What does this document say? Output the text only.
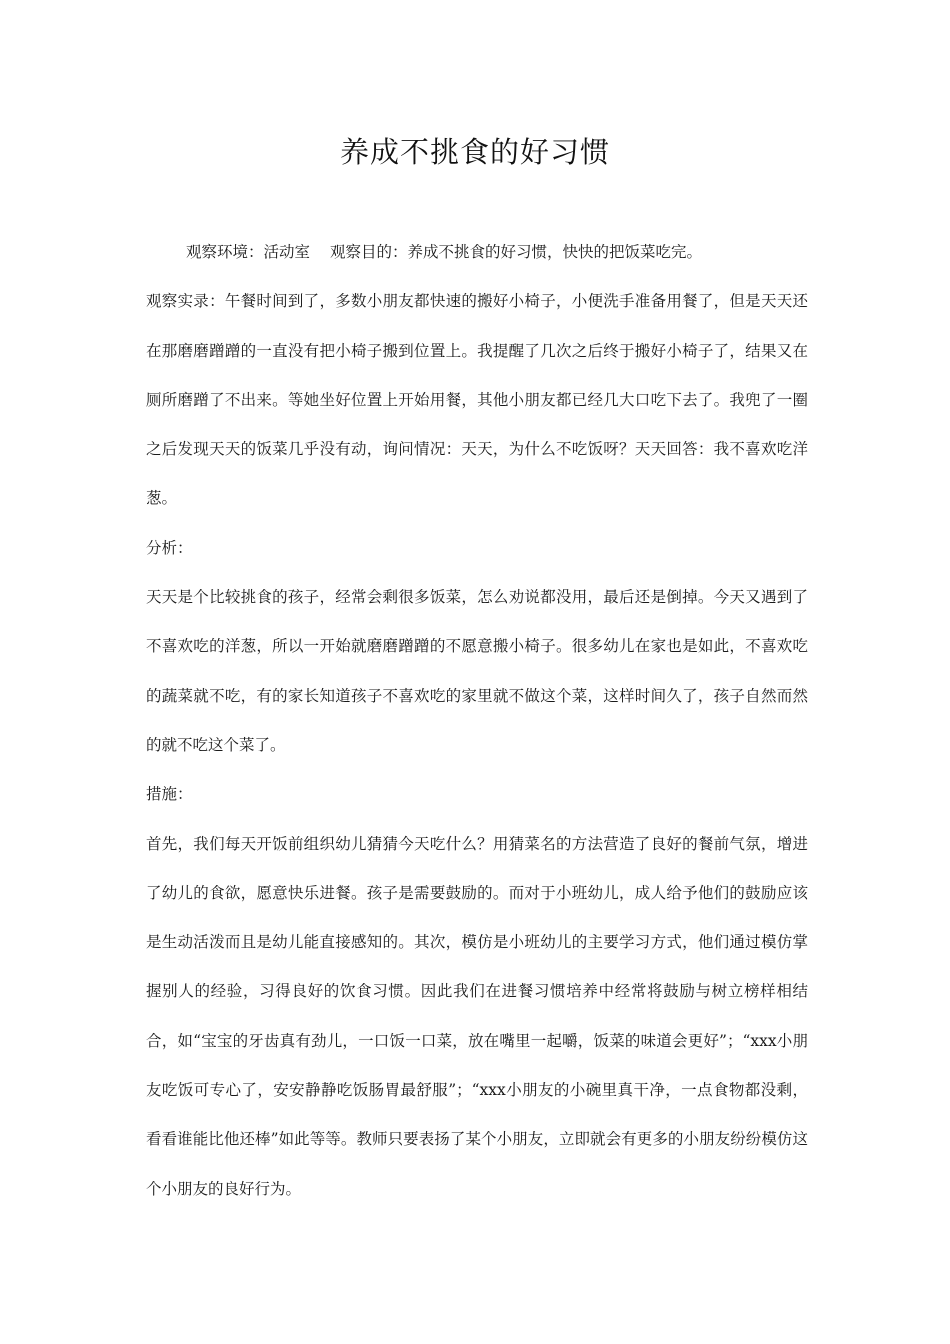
养成不挑食的好习惯

观察环境：活动室 观察目的：养成不挑食的好习惯，快快的把饭菜吃完。

观察实录：午餐时间到了，多数小朋友都快速的搬好小椅子，小便洗手准备用餐了，但是天天还在那磨磨蹭蹭的一直没有把小椅子搬到位置上。我提醒了几次之后终于搬好小椅子了，结果又在厕所磨蹭了不出来。等她坐好位置上开始用餐，其他小朋友都已经几大口吃下去了。我兜了一圈之后发现天天的饭菜几乎没有动，询问情况：天天，为什么不吃饭呀？天天回答：我不喜欢吃洋葱。

分析：

天天是个比较挑食的孩子，经常会剩很多饭菜，怎么劝说都没用，最后还是倒掉。今天又遇到了不喜欢吃的洋葱，所以一开始就磨磨蹭蹭的不愿意搬小椅子。很多幼儿在家也是如此，不喜欢吃的蔬菜就不吃，有的家长知道孩子不喜欢吃的家里就不做这个菜，这样时间久了，孩子自然而然的就不吃这个菜了。

措施：

首先，我们每天开饭前组织幼儿猜猜今天吃什么？用猜菜名的方法营造了良好的餐前气氛，增进了幼儿的食欲，愿意快乐进餐。孩子是需要鼓励的。而对于小班幼儿，成人给予他们的鼓励应该是生动活泼而且是幼儿能直接感知的。其次，模仿是小班幼儿的主要学习方式，他们通过模仿掌握别人的经验，习得良好的饮食习惯。因此我们在进餐习惯培养中经常将鼓励与树立榜样相结合，如“宝宝的牙齿真有劲儿，一口饭一口菜，放在嘴里一起嚼，饭菜的味道会更好”；“xxx小朋友吃饭可专心了，安安静静吃饭肠胃最舒服”；“xxx小朋友的小碗里真干净，一点食物都没剩，看看谁能比他还棒”如此等等。教师只要表扬了某个小朋友，立即就会有更多的小朋友纷纷模仿这个小朋友的良好行为。
